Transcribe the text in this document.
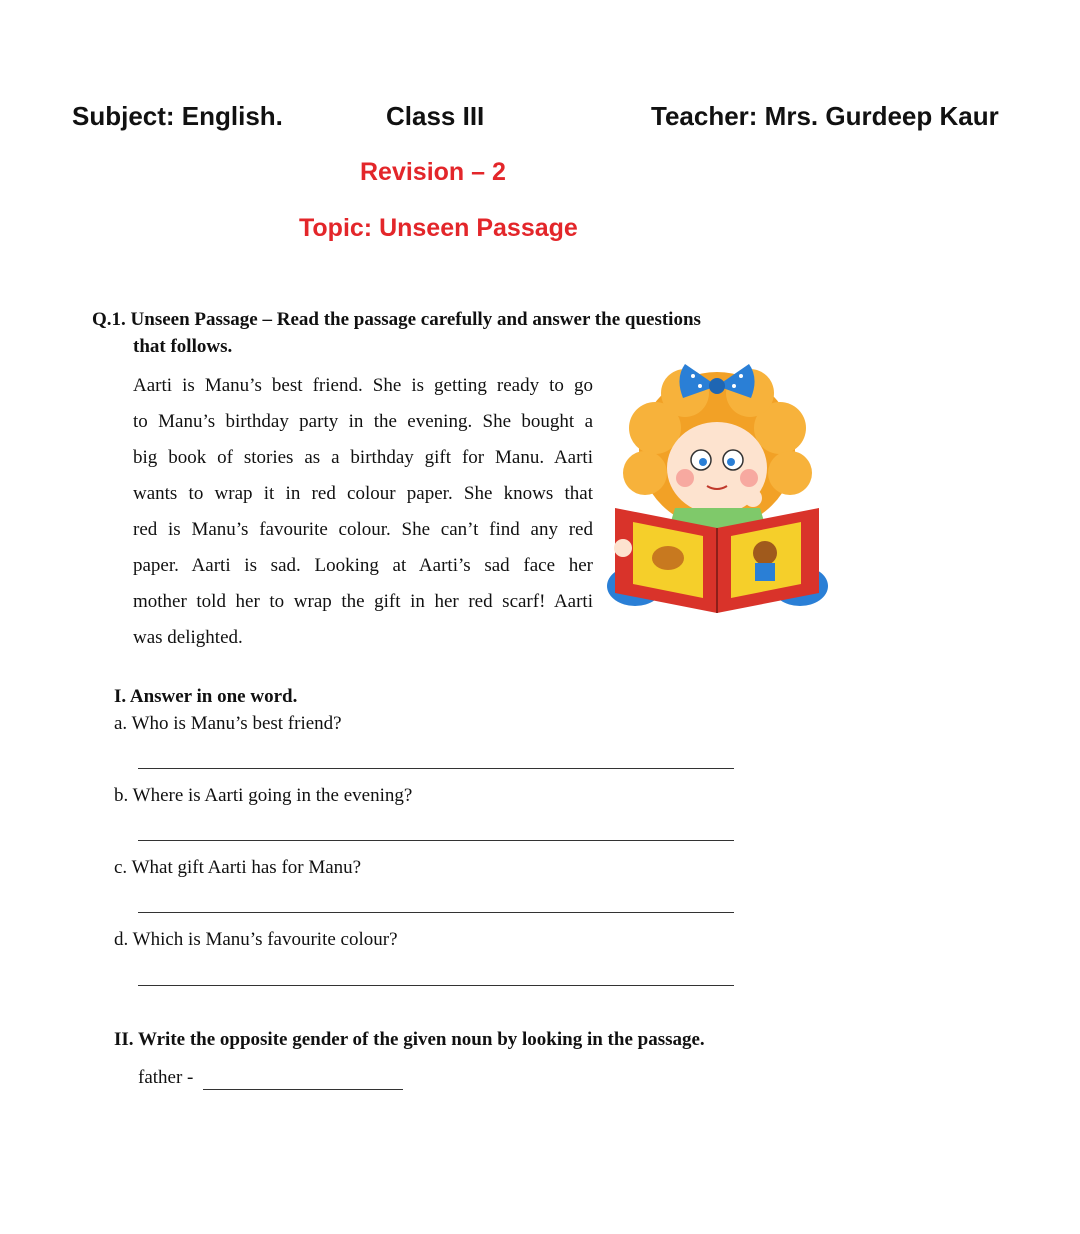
Subject: English.	Class III	Teacher: Mrs. Gurdeep Kaur
Revision – 2
Topic: Unseen Passage
Q.1. Unseen Passage – Read the passage carefully and answer the questions
that follows.
Aarti is Manu’s best friend. She is getting ready to go
to Manu’s birthday party in the evening. She bought a
big book of stories as a birthday gift for Manu. Aarti
wants to wrap it in red colour paper. She knows that
red is Manu’s favourite colour. She can’t find any red
paper. Aarti is sad. Looking at Aarti’s sad face her
mother told her to wrap the gift in her red scarf! Aarti
was delighted.
I. Answer in one word.
a. Who is Manu’s best friend?
b. Where is Aarti going in the evening?
c. What gift Aarti has for Manu?
d. Which is Manu’s favourite colour?
II. Write the opposite gender of the given noun by looking in the passage.
father -
